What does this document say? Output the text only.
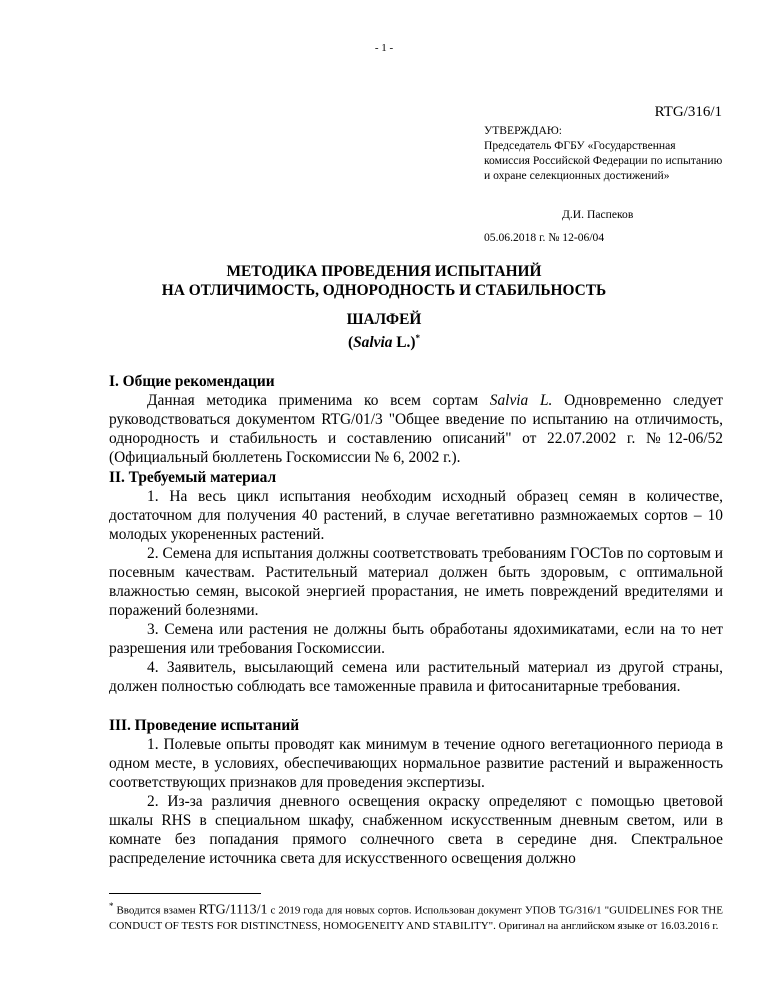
- 1 -
RTG/316/1
УТВЕРЖДАЮ:
Председатель ФГБУ «Государственная комиссия Российской Федерации по испытанию и охране селекционных достижений»
Д.И. Паспеков
05.06.2018 г. № 12-06/04
МЕТОДИКА ПРОВЕДЕНИЯ ИСПЫТАНИЙ
НА ОТЛИЧИМОСТЬ, ОДНОРОДНОСТЬ И СТАБИЛЬНОСТЬ
ШАЛФЕЙ
(Salvia L.)*
I. Общие рекомендации

Данная методика применима ко всем сортам Salvia L. Одновременно следует руководствоваться документом RTG/01/3 "Общее введение по испытанию на отличимость, однородность и стабильность и составлению описаний" от 22.07.2002 г. №12-06/52 (Официальный бюллетень Госкомиссии № 6, 2002 г.).

II. Требуемый материал

1. На весь цикл испытания необходим исходный образец семян в количестве, достаточном для получения 40 растений, в случае вегетативно размножаемых сортов – 10 молодых укорененных растений.

2. Семена для испытания должны соответствовать требованиям ГОСТов по сортовым и посевным качествам. Растительный материал должен быть здоровым, с оптимальной влажностью семян, высокой энергией прорастания, не иметь повреждений вредителями и поражений болезнями.

3. Семена или растения не должны быть обработаны ядохимикатами, если на то нет разрешения или требования Госкомиссии.

4. Заявитель, высылающий семена или растительный материал из другой страны, должен полностью соблюдать все таможенные правила и фитосанитарные требования.

III. Проведение испытаний

1. Полевые опыты проводят как минимум в течение одного вегетационного периода в одном месте, в условиях, обеспечивающих нормальное развитие растений и выраженность соответствующих признаков для проведения экспертизы.

2. Из-за различия дневного освещения окраску определяют с помощью цветовой шкалы RHS в специальном шкафу, снабженном искусственным дневным светом, или в комнате без попадания прямого солнечного света в середине дня. Спектральное распределение источника света для искусственного освещения должно

* Вводится взамен RTG/1113/1 с 2019 года для новых сортов. Использован документ УПОВ TG/316/1 "GUIDELINES FOR THE CONDUCT OF TESTS FOR DISTINCTNESS, HOMOGENEITY AND STABILITY". Оригинал на английском языке от 16.03.2016 г.
